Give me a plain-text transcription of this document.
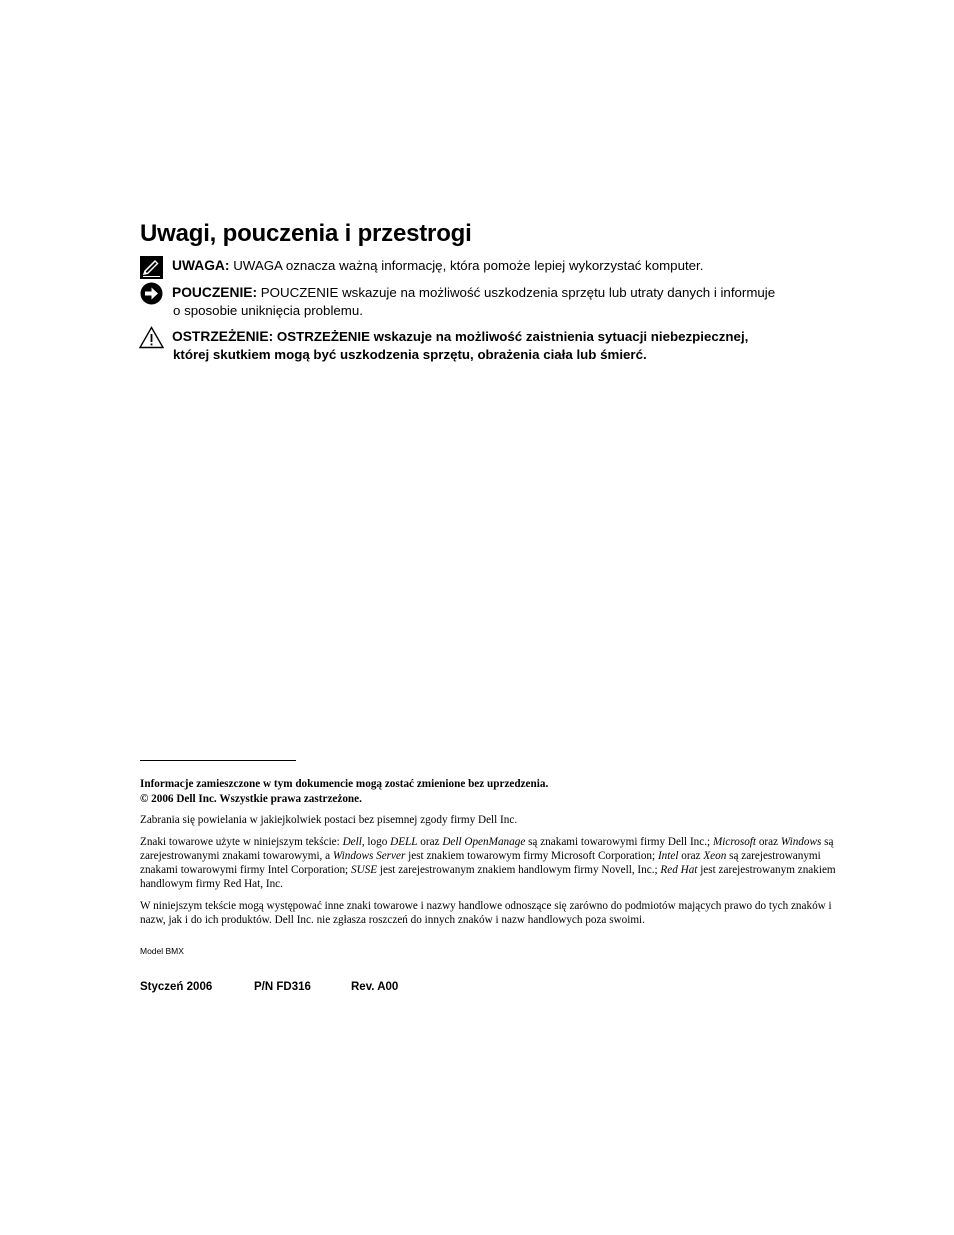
Uwagi, pouczenia i przestrogi
UWAGA: UWAGA oznacza ważną informację, która pomoże lepiej wykorzystać komputer.
POUCZENIE: POUCZENIE wskazuje na możliwość uszkodzenia sprzętu lub utraty danych i informuje
o sposobie uniknięcia problemu.
OSTRZEŻENIE: OSTRZEŻENIE wskazuje na możliwość zaistnienia sytuacji niebezpiecznej,
której skutkiem mogą być uszkodzenia sprzętu, obrażenia ciała lub śmierć.

Informacje zamieszczone w tym dokumencie mogą zostać zmienione bez uprzedzenia.

© 2006 Dell Inc. Wszystkie prawa zastrzeżone.

Zabrania się powielania w jakiejkolwiek postaci bez pisemnej zgody firmy Dell Inc.

Znaki towarowe użyte w niniejszym tekście: Dell, logo DELL oraz Dell OpenManage są znakami towarowymi firmy Dell Inc.; Microsoft oraz Windows są zarejestrowanymi znakami towarowymi, a Windows Server jest znakiem towarowym firmy Microsoft Corporation; Intel oraz Xeon są zarejestrowanymi znakami towarowymi firmy Intel Corporation; SUSE jest zarejestrowanym znakiem handlowym firmy Novell, Inc.; Red Hat jest zarejestrowanym znakiem handlowym firmy Red Hat, Inc.

W niniejszym tekście mogą występować inne znaki towarowe i nazwy handlowe odnoszące się zarówno do podmiotów mających prawo do tych znaków i nazw, jak i do ich produktów. Dell Inc. nie zgłasza roszczeń do innych znaków i nazw handlowych poza swoimi.

Model BMX
Styczeń 2006	P/N FD316	Rev. A00
